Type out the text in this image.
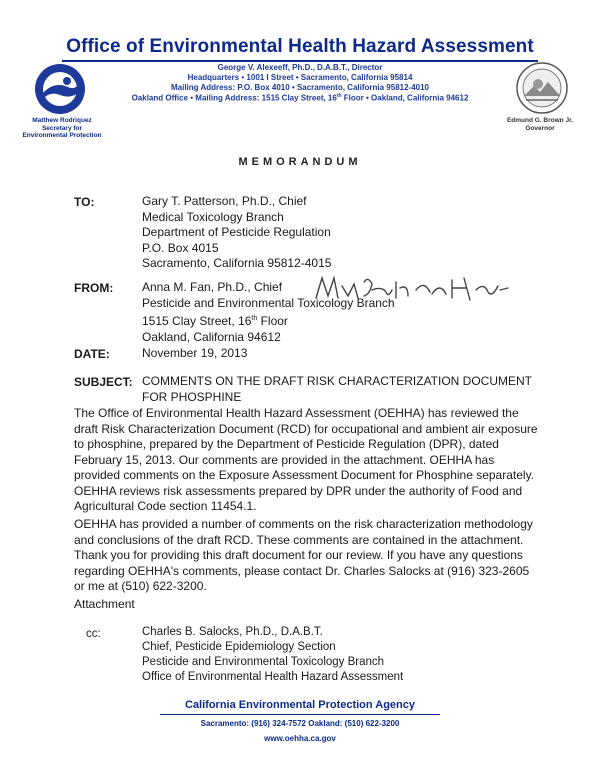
Office of Environmental Health Hazard Assessment
George V. Alexeeff, Ph.D., D.A.B.T., Director
Headquarters • 1001 I Street • Sacramento, California 95814
Mailing Address: P.O. Box 4010 • Sacramento, California 95812-4010
Oakland Office • Mailing Address: 1515 Clay Street, 16th Floor • Oakland, California 94612
Matthew Rodriquez
Secretary for
Environmental Protection
Edmund G. Brown Jr.
Governor
MEMORANDUM
TO:	Gary T. Patterson, Ph.D., Chief
Medical Toxicology Branch
Department of Pesticide Regulation
P.O. Box 4015
Sacramento, California 95812-4015
FROM: Anna M. Fan, Ph.D., Chief
Pesticide and Environmental Toxicology Branch
1515 Clay Street, 16th Floor
Oakland, California 94612
DATE:	November 19, 2013
SUBJECT: COMMENTS ON THE DRAFT RISK CHARACTERIZATION DOCUMENT
FOR PHOSPHINE
The Office of Environmental Health Hazard Assessment (OEHHA) has reviewed the
draft Risk Characterization Document (RCD) for occupational and ambient air exposure
to phosphine, prepared by the Department of Pesticide Regulation (DPR), dated
February 15, 2013. Our comments are provided in the attachment. OEHHA has
provided comments on the Exposure Assessment Document for Phosphine separately.
OEHHA reviews risk assessments prepared by DPR under the authority of Food and
Agricultural Code section 11454.1.
OEHHA has provided a number of comments on the risk characterization methodology
and conclusions of the draft RCD. These comments are contained in the attachment.
Thank you for providing this draft document for our review. If you have any questions
regarding OEHHA's comments, please contact Dr. Charles Salocks at (916) 323-2605
or me at (510) 622-3200.
Attachment
cc:	Charles B. Salocks, Ph.D., D.A.B.T.
Chief, Pesticide Epidemiology Section
Pesticide and Environmental Toxicology Branch
Office of Environmental Health Hazard Assessment
California Environmental Protection Agency
Sacramento: (916) 324-7572 Oakland: (510) 622-3200
www.oehha.ca.gov
